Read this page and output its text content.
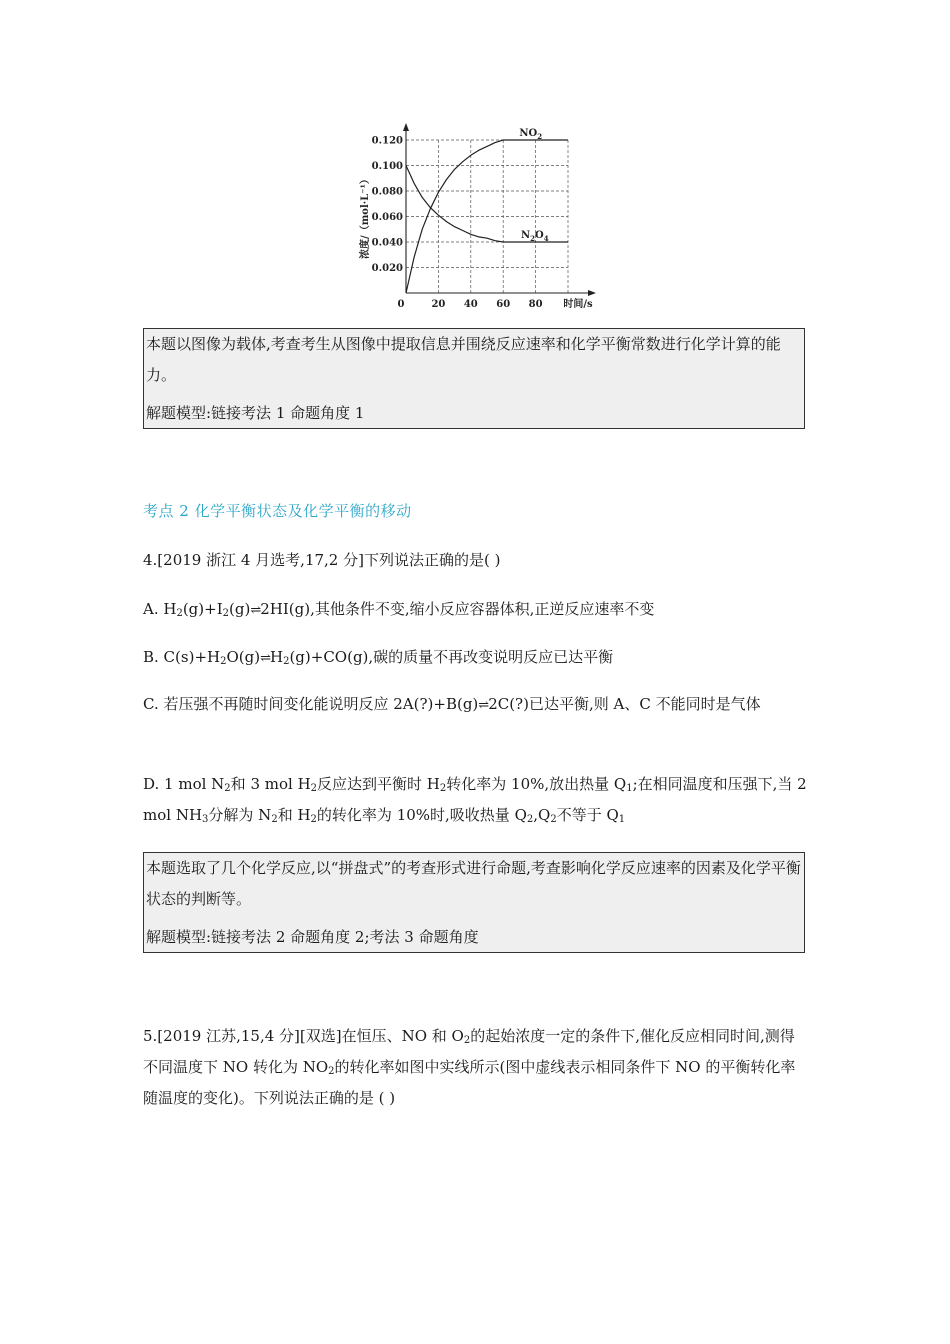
0.020
0.040
0.060
0.080
0.100
0.120
0	20 40 60 80 时间/s
浓度/（mol·L⁻¹）
$NO_2$
$N_2O_4$

本题以图像为载体,考查考生从图像中提取信息并围绕反应速率和化学平衡常数进行化学计算的能力。

解题模型:链接考法 1 命题角度 1

考点 2 化学平衡状态及化学平衡的移动

4.[2019 浙江 4 月选考,17,2 分]下列说法正确的是( )

A. $H_2(g)+I_2(g)\rightleftharpoons 2HI(g)$,其他条件不变,缩小反应容器体积,正逆反应速率不变

B. $C(s)+H_2O(g)\rightleftharpoons H_2(g)+CO(g)$,碳的质量不再改变说明反应已达平衡

C. 若压强不再随时间变化能说明反应 2A(?)+B(g)⇌2C(?)已达平衡,则 A、C 不能同时是气体

D. 1 mol $N_2$和 3 mol $H_2$反应达到平衡时 $H_2$转化率为 10%,放出热量 $Q_1$;在相同温度和压强下,当 2 mol $NH_3$分解为 $N_2$和 $H_2$的转化率为 10%时,吸收热量 $Q_2,Q_2$不等于 $Q_1$

本题选取了几个化学反应,以“拼盘式”的考查形式进行命题,考查影响化学反应速率的因素及化学平衡状态的判断等。

解题模型:链接考法 2 命题角度 2;考法 3 命题角度

5.[2019 江苏,15,4 分][双选]在恒压、NO 和 $O_2$的起始浓度一定的条件下,催化反应相同时间,测得不同温度下 NO 转化为 $NO_2$的转化率如图中实线所示(图中虚线表示相同条件下 NO 的平衡转化率随温度的变化)。下列说法正确的是 ( )
